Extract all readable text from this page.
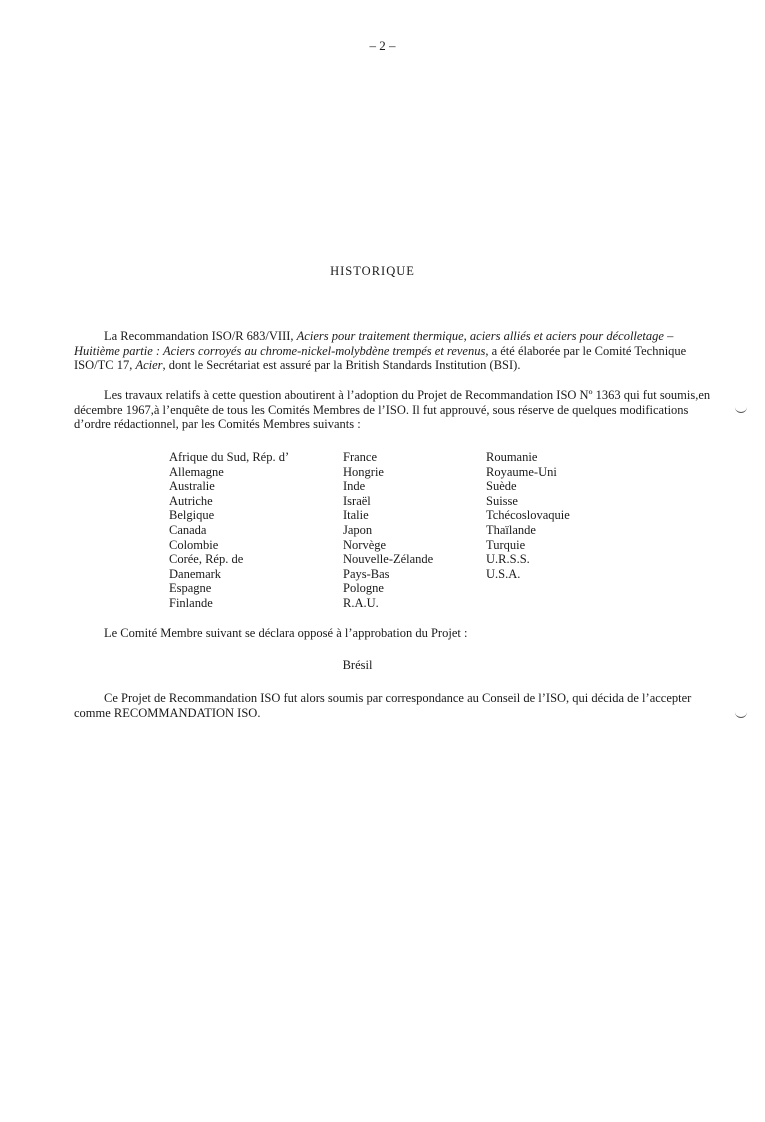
– 2 –
HISTORIQUE

La Recommandation ISO/R 683/VIII, Aciers pour traitement thermique, aciers alliés et aciers pour décolletage – Huitième partie : Aciers corroyés au chrome-nickel-molybdène trempés et revenus, a été élaborée par le Comité Technique ISO/TC 17, Acier, dont le Secrétariat est assuré par la British Standards Institution (BSI).

Les travaux relatifs à cette question aboutirent à l’adoption du Projet de Recommandation ISO Nº 1363 qui fut soumis,en décembre 1967,à l’enquête de tous les Comités Membres de l’ISO. Il fut approuvé, sous réserve de quelques modifications d’ordre rédactionnel, par les Comités Membres suivants :

Afrique du Sud, Rép. d’
Allemagne
Australie
Autriche
Belgique
Canada
Colombie
Corée, Rép. de
Danemark
Espagne
Finlande
France
Hongrie
Inde
Israël
Italie
Japon
Norvège
Nouvelle-Zélande
Pays-Bas
Pologne
R.A.U.
Roumanie
Royaume-Uni
Suède
Suisse
Tchécoslovaquie
Thaïlande
Turquie
U.R.S.S.
U.S.A.

Le Comité Membre suivant se déclara opposé à l’approbation du Projet :

Brésil

Ce Projet de Recommandation ISO fut alors soumis par correspondance au Conseil de l’ISO, qui décida de l’accepter comme RECOMMANDATION ISO.
